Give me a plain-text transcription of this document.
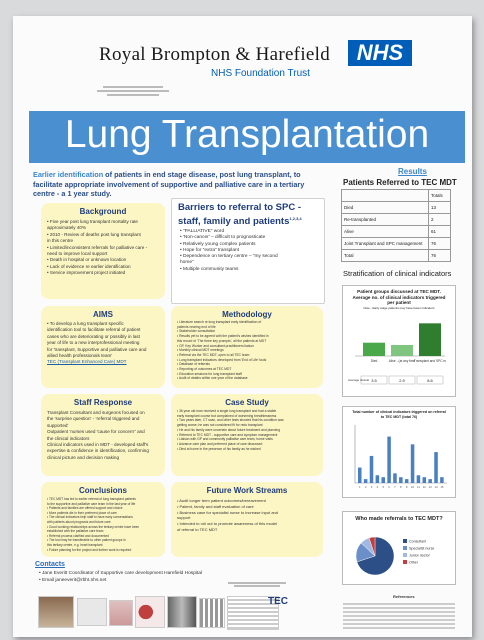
Royal Brompton & Harefield	NHS
NHS Foundation Trust
Lung Transplantation
Earlier identification of patients in end stage disease, post lung transplant, to facilitate appropriate involvement of supportive and palliative care in a tertiary centre - a 1 year study.
Background
• Five year post lung transplant mortality rate
approximately 40%
• 2010 - Review of deaths post lung transplant
in this centre
• Limited/inconsistent referrals for palliative care -
need to improve local support
• Death in hospital or unknown location
• Lack of evidence re earlier identification
• Service improvement project initiated
Barriers to referral to SPC - staff, family and patients$^{1,2,3,4}$
• “PALLIATIVE” word
• 'Non-cancer' – difficult to prognosticate
• Relatively young complex patients
• Hope for “extra” transplant
• Dependence on tertiary centre – “my second
home”
• Multiple community teams
AIMS
• To develop a lung transplant specific
identification tool to facilitate referral of patient
cases who are deteriorating or possibly in last
year of life to a new interprofessional meeting
for 'transplant, Supportive and palliative care and
allied health professionals team'
TEC (Transplant Enhanced Care) MDT
Methodology
• Literature search re lung transplant early identification of
patients nearing end of life
• Stakeholder consultation
• Results yet to be agreed with the patient's wishes identified in
this record of ‘The three key prompts’, all the patients at MDT
• GP, Key Worker and consultant practitioners liaison
• Monthly clinical MDT meetings
• Referral via the TEC MDT, open to all TEC team
• Lung transplant indicators developed from 'End of Life' tools
• Database of referrals
• Reporting of outcomes at TEC MDT
• Education sessions for lung transplant staff
• Audit of deaths within one year of the database
Staff Response
Transplant Consultant and surgeons focused on
the 'surprise question' - ‘referral triggered and
supported’
Outpatient 'nurses used 'cause for concern'' and
the clinical indicators
Clinical indicators used in MDT - developed staff's
expertise & confidence in identification, confirming
clinical picture and decision making
Case Study
• 36 year old man received a single lung transplant and had a stable
early transplant course but complained of worsening breathlessness
• Two years later, CT scan, and other tests showed that his condition was
getting worse; he was not considered fit for redo transplant
• He and his family were uncertain about future treatment and planning
• Referred to TEC MDT - supportive care and symptom management
• Liaison with GP and community palliative care team, home visits
• Advance care plan and preferred place of care discussed
• Died at home in the presence of his family as he wished
Conclusions
• TEC MDT has led to earlier referral of lung transplant patients
to the supportive and palliative care team in the last year of life
• Patients and families are offered support and choice
• More patients die in their preferred place of care
• The clinical indicators help staff to have early conversations
with patients about prognosis and future care
• Good working relationships across the tertiary centre have been
established with the palliative care team
• Referral process clarified and documented
• The tool may be transferable to other patient groups in
this tertiary centre, e.g. heart transplant
• Future planning for the project and further work is required
Future Work Streams
• Audit longer term patient outcomes/bereavement
• Patient, family and staff evaluation of care
• Business case for specialist nurse to increase input and
support
• Intended to roll out to promote awareness of this model
of referral to TEC MDT
Results
Patients Referred to TEC MDT
	Totals
Died	13
Re-transplanted	2
Alive	61
Joint Transplant and SPC management	76
Total	76
Stratification of clinical indicators
Patient groups discussed at TEC MDT. Average no. of clinical indicators triggered per patient
Note - Early stage patients may have fewer indicators
Died
3.5
Alive - (at any time
2.9
Transplant and SPC m
8.6
Average clinical
Total number of clinical indicators triggered on referral to TEC MDT (total 76)
1 2 3 4 5 6 7 8 9 10 11 12 13 14 15
Who made referrals to TEC MDT?
Consultant
Specialist nurse
Junior doctor
Other
Contacts
• Jane Everitt Coordinator of Supportive care development Harefield Hospital
• Email janeeverit@rbht.nhs.net
TEC	References
